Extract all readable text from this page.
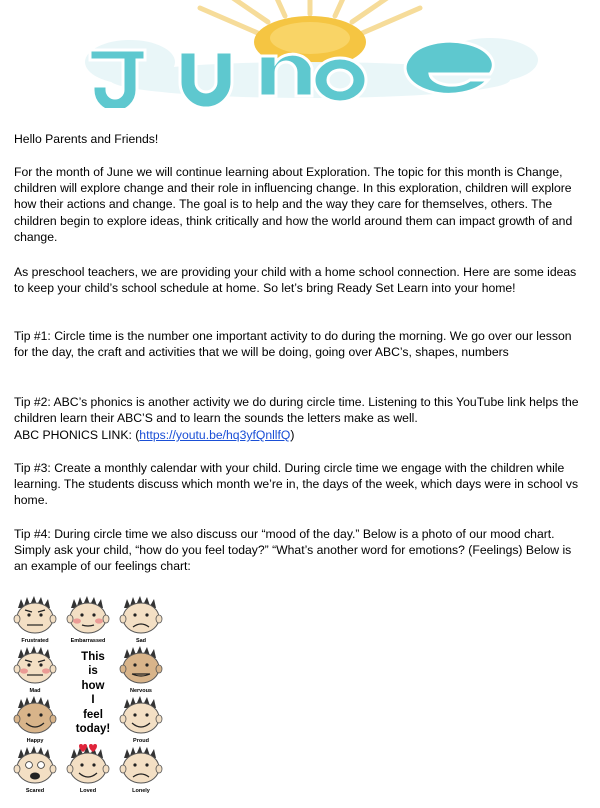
June

Hello Parents and Friends!

For the month of June we will continue learning about Exploration. The topic for this month is Change, children will explore change and their role in influencing change. In this exploration, children will explore how their actions and change. The goal is to help and the way they care for themselves, others. The children begin to explore ideas, think critically and how the world around them can impact growth of and change.

As preschool teachers, we are providing your child with a home school connection. Here are some ideas to keep your child’s school schedule at home. So let’s bring Ready Set Learn into your home!

Tip #1: Circle time is the number one important activity to do during the morning. We go over our lesson for the day, the craft and activities that we will be doing, going over ABC’s, shapes, numbers

Tip #2: ABC’s phonics is another activity we do during circle time. Listening to this YouTube link helps the children learn their ABC’S and to learn the sounds the letters make as well.

ABC PHONICS LINK: (https://youtu.be/hq3yfQnllfQ)

Tip #3: Create a monthly calendar with your child. During circle time we engage with the children while learning. The students discuss which month we’re in, the days of the week, which days were in school vs home.

Tip #4: During circle time we also discuss our “mood of the day.” Below is a photo of our mood chart. Simply ask your child, “how do you feel today?” “What’s another word for emotions? (Feelings) Below is an example of our feelings chart:

This
is
how
I
feel
today!
Frustrated	Embarrassed	Sad
Mad	Nervous
Happy	Proud
Scared	Loved	Lonely
